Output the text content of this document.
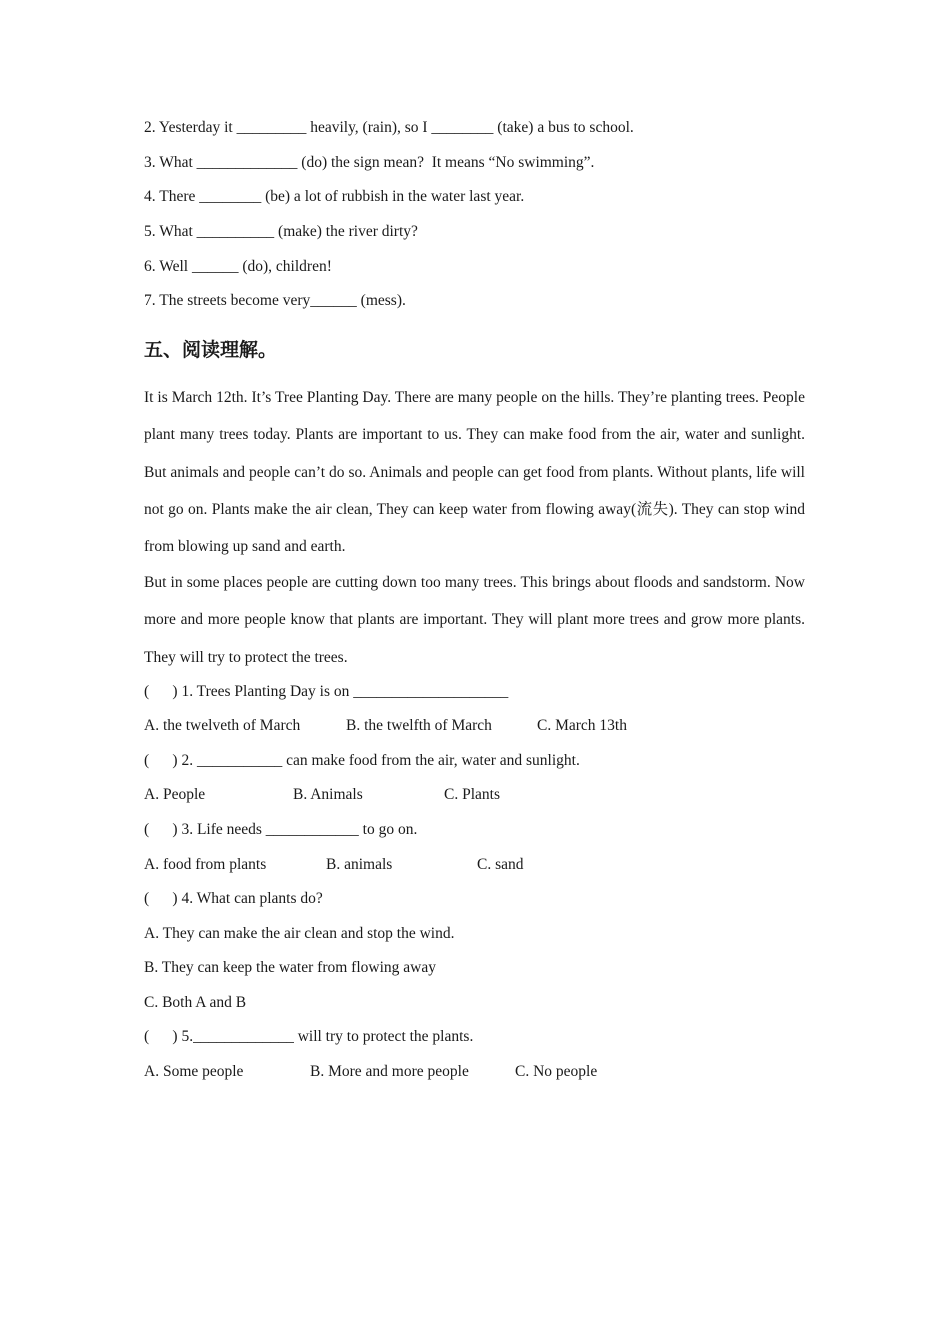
2. Yesterday it _________ heavily, (rain), so I ________ (take) a bus to school.
3. What _____________ (do) the sign mean?  It means “No swimming”.
4. There ________ (be) a lot of rubbish in the water last year.
5. What __________ (make) the river dirty?
6. Well ______ (do), children!
7. The streets become very______ (mess).
五、阅读理解。
It is March 12th. It’s Tree Planting Day. There are many people on the hills. They’re planting trees. People plant many trees today. Plants are important to us. They can make food from the air, water and sunlight. But animals and people can’t do so. Animals and people can get food from plants. Without plants, life will not go on. Plants make the air clean, They can keep water from flowing away(流失). They can stop wind from blowing up sand and earth.
But in some places people are cutting down too many trees. This brings about floods and sandstorm. Now more and more people know that plants are important. They will plant more trees and grow more plants. They will try to protect the trees.
(      ) 1. Trees Planting Day is on ____________________
A. the twelveth of March	B. the twelfth of March	C. March 13th
(      ) 2. ___________ can make food from the air, water and sunlight.
A. People	B. Animals	C. Plants
(      ) 3. Life needs ____________ to go on.
A. food from plants	B. animals	C. sand
(      ) 4. What can plants do?
A. They can make the air clean and stop the wind.
B. They can keep the water from flowing away
C. Both A and B
(      ) 5._____________ will try to protect the plants.
A. Some people	B. More and more people	C. No people
